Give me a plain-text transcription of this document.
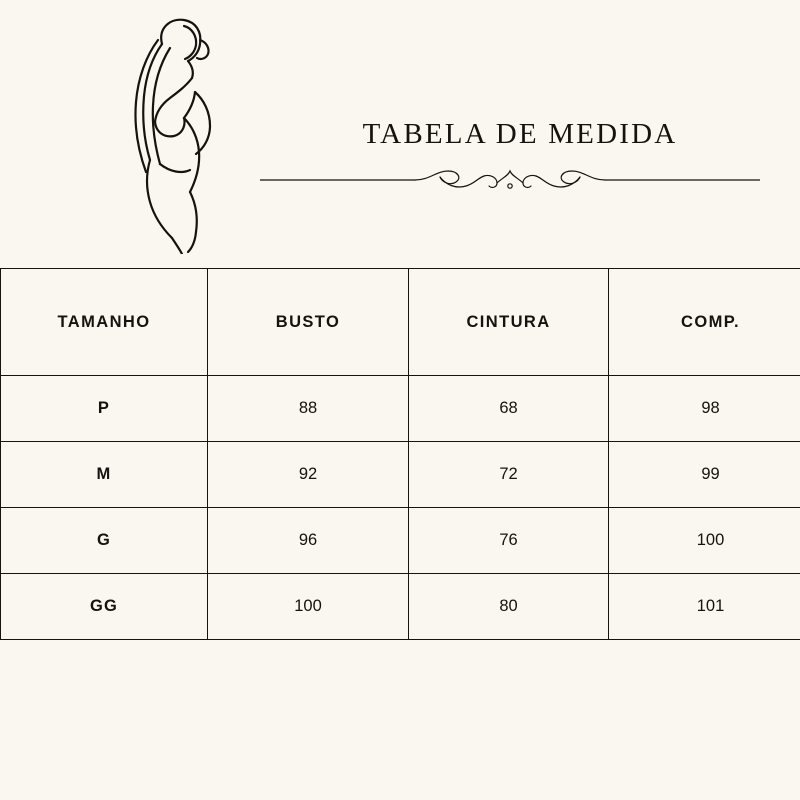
TABELA DE MEDIDA
TAMANHO	BUSTO	CINTURA	COMP.
P	88	68	98
M	92	72	99
G	96	76	100
GG	100	80	101
